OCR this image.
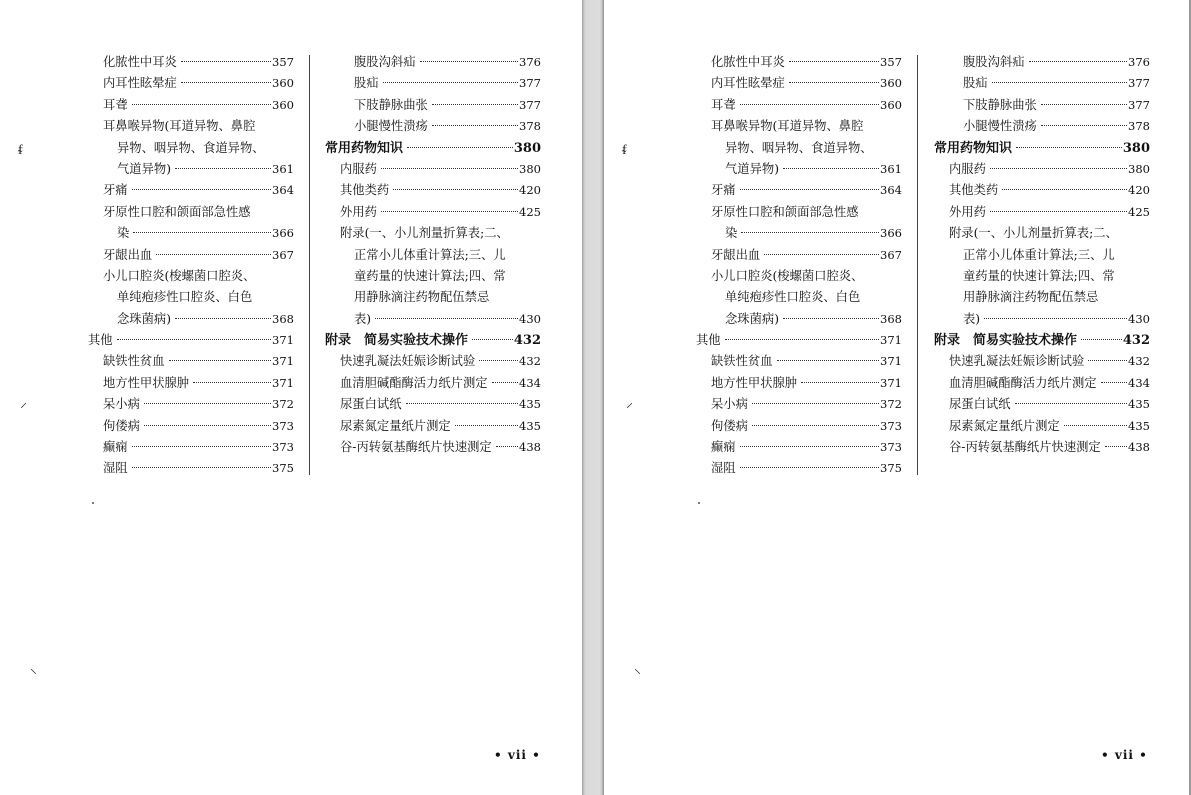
化脓性中耳炎	357
内耳性眩晕症	360
耳聋	360
耳鼻喉异物(耳道异物、鼻腔
异物、咽异物、食道异物、
气道异物)	361
牙痛	364
牙原性口腔和颌面部急性感
染	366
牙龈出血	367
小儿口腔炎(梭螺菌口腔炎、
单纯疱疹性口腔炎、白色
念珠菌病)	368
其他	371
缺铁性贫血	371
地方性甲状腺肿	371
呆小病	372
佝偻病	373
癫痫	373
湿阻	375
腹股沟斜疝	376
股疝	377
下肢静脉曲张	377
小腿慢性溃疡	378
常用药物知识	380
内服药	380
其他类药	420
外用药	425
附录(一、小儿剂量折算表;二、
正常小儿体重计算法;三、儿
童药量的快速计算法;四、常
用静脉滴注药物配伍禁忌
表)	430
附录　简易实验技术操作	432
快速乳凝法妊娠诊断试验	432
血清胆碱酯酶活力纸片测定	434
尿蛋白试纸	435
尿素氮定量纸片测定	435
谷-丙转氨基酶纸片快速测定 438
• vii •
ᵮ
⸝
⸜
化脓性中耳炎	357
内耳性眩晕症	360
耳聋	360
耳鼻喉异物(耳道异物、鼻腔
异物、咽异物、食道异物、
气道异物)	361
牙痛	364
牙原性口腔和颌面部急性感
染	366
牙龈出血	367
小儿口腔炎(梭螺菌口腔炎、
单纯疱疹性口腔炎、白色
念珠菌病)	368
其他	371
缺铁性贫血	371
地方性甲状腺肿	371
呆小病	372
佝偻病	373
癫痫	373
湿阻	375
腹股沟斜疝	376
股疝	377
下肢静脉曲张	377
小腿慢性溃疡	378
常用药物知识	380
内服药	380
其他类药	420
外用药	425
附录(一、小儿剂量折算表;二、
正常小儿体重计算法;三、儿
童药量的快速计算法;四、常
用静脉滴注药物配伍禁忌
表)	430
附录　简易实验技术操作	432
快速乳凝法妊娠诊断试验	432
血清胆碱酯酶活力纸片测定	434
尿蛋白试纸	435
尿素氮定量纸片测定	435
谷-丙转氨基酶纸片快速测定 438
• vii •
ᵮ
⸝
⸜
